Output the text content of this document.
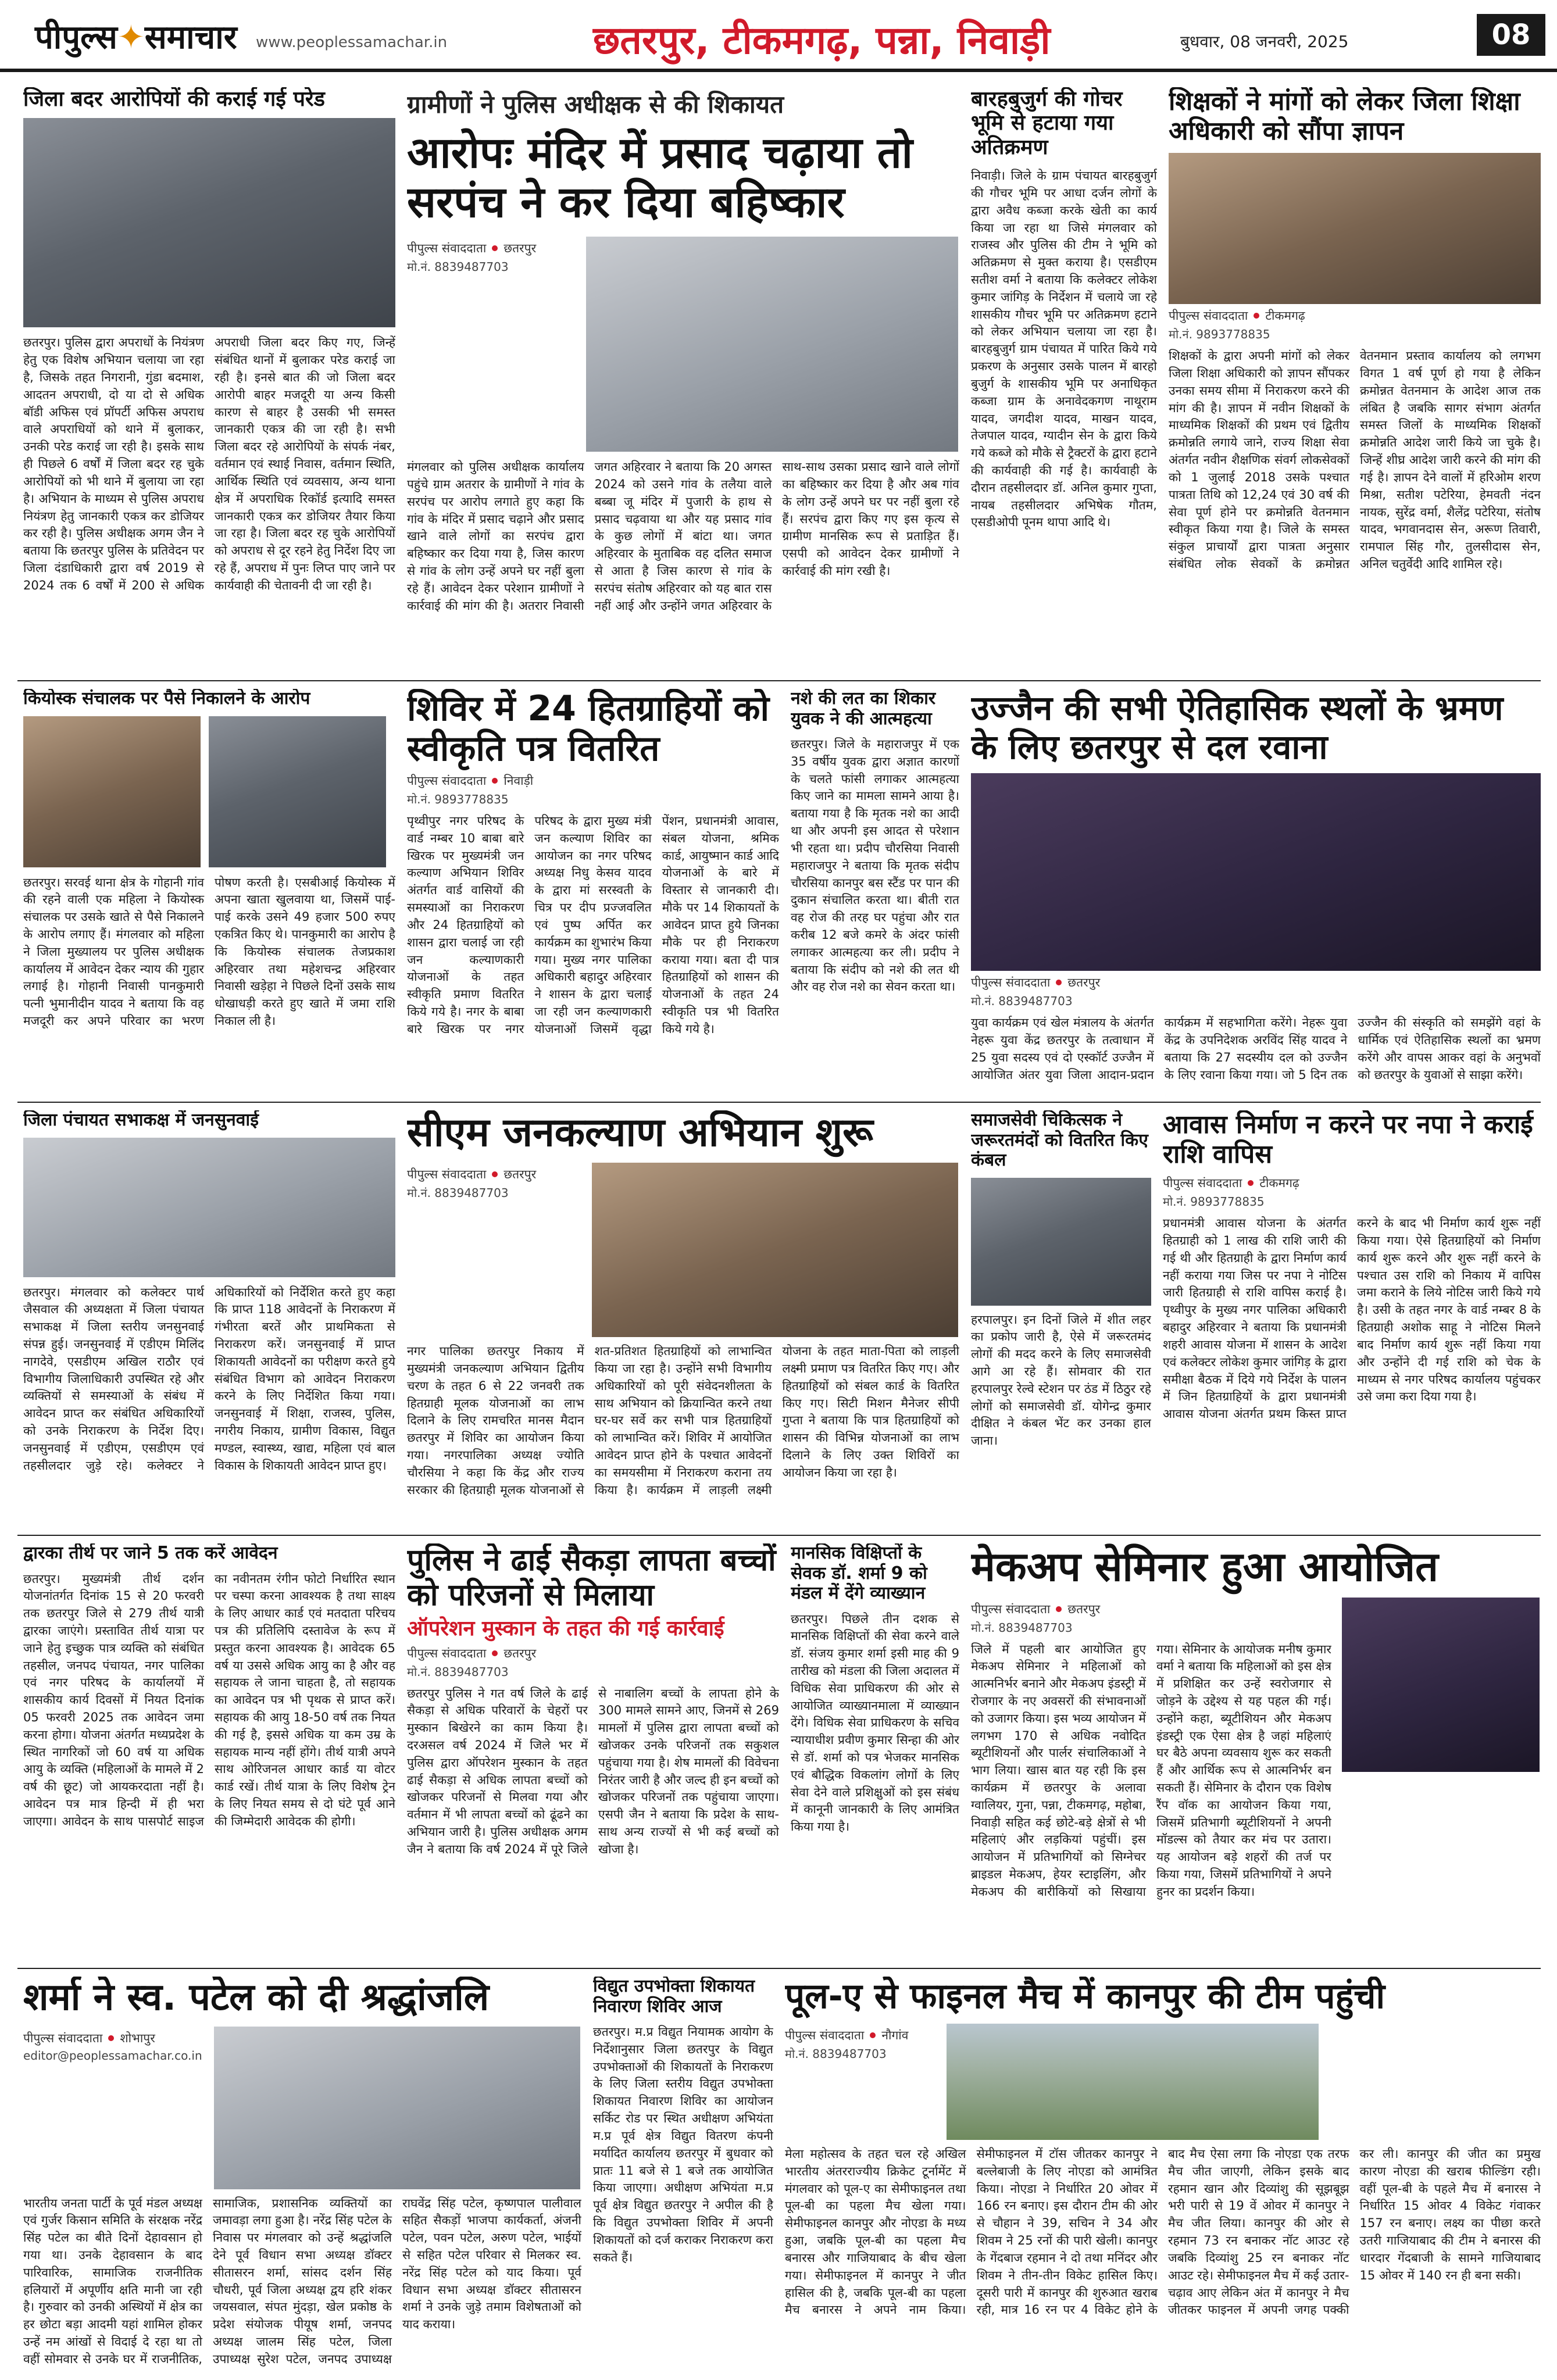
पीपुल्स✦समाचार www.peoplessamachar.in	छतरपुर, टीकमगढ़, पन्ना, निवाड़ी	बुधवार, 08 जनवरी, 2025	08
जिला बदर आरोपियों की कराई गई परेड
छतरपुर। पुलिस द्वारा अपराधों के नियंत्रण हेतु एक विशेष अभियान चलाया जा रहा है, जिसके तहत निगरानी, गुंडा बदमाश, आदतन अपराधी, दो या दो से अधिक बॉडी अफिस एवं प्रॉपर्टी अफिस अपराध वाले अपराधियों को थाने में बुलाकर, उनकी परेड कराई जा रही है। इसके साथ ही पिछले 6 वर्षों में जिला बदर रह चुके आरोपियों को भी थाने में बुलाया जा रहा है। अभियान के माध्यम से पुलिस अपराध नियंत्रण हेतु जानकारी एकत्र कर डोजियर कर रही है। पुलिस अधीक्षक अगम जैन ने बताया कि छतरपुर पुलिस के प्रतिवेदन पर जिला दंडाधिकारी द्वारा वर्ष 2019 से 2024 तक 6 वर्षों में 200 से अधिक अपराधी जिला बदर किए गए, जिन्हें संबंधित थानों में बुलाकर परेड कराई जा रही है। इनसे बात की जो जिला बदर आरोपी बाहर मजदूरी या अन्य किसी कारण से बाहर है उसकी भी समस्त जानकारी एकत्र की जा रही है। सभी जिला बदर रहे आरोपियों के संपर्क नंबर, वर्तमान एवं स्थाई निवास, वर्तमान स्थिति, आर्थिक स्थिति एवं व्यवसाय, अन्य थाना क्षेत्र में अपराधिक रिकॉर्ड इत्यादि समस्त जानकारी एकत्र कर डोजियर तैयार किया जा रहा है। जिला बदर रह चुके आरोपियों को अपराध से दूर रहने हेतु निर्देश दिए जा रहे हैं, अपराध में पुनः लिप्त पाए जाने पर कार्यवाही की चेतावनी दी जा रही है।
ग्रामीणों ने पुलिस अधीक्षक से की शिकायत
आरोपः मंदिर में प्रसाद चढ़ाया तो सरपंच ने कर दिया बहिष्कार
पीपुल्स संवाददाता छतरपुर
मो.नं. 8839487703
मंगलवार को पुलिस अधीक्षक कार्यालय पहुंचे ग्राम अतरार के ग्रामीणों ने गांव के सरपंच पर आरोप लगाते हुए कहा कि गांव के मंदिर में प्रसाद चढ़ाने और प्रसाद खाने वाले लोगों का सरपंच द्वारा बहिष्कार कर दिया गया है, जिस कारण से गांव के लोग उन्हें अपने घर नहीं बुला रहे हैं। आवेदन देकर परेशान ग्रामीणों ने कार्रवाई की मांग की है। अतरार निवासी जगत अहिरवार ने बताया कि 20 अगस्त 2024 को उसने गांव के तलैया वाले बब्बा जू मंदिर में पुजारी के हाथ से प्रसाद चढ़वाया था और यह प्रसाद गांव के कुछ लोगों में बांटा था। जगत अहिरवार के मुताबिक वह दलित समाज से आता है जिस कारण से गांव के सरपंच संतोष अहिरवार को यह बात रास नहीं आई और उन्होंने जगत अहिरवार के साथ-साथ उसका प्रसाद खाने वाले लोगों का बहिष्कार कर दिया है और अब गांव के लोग उन्हें अपने घर पर नहीं बुला रहे हैं। सरपंच द्वारा किए गए इस कृत्य से ग्रामीण मानसिक रूप से प्रताड़ित हैं। एसपी को आवेदन देकर ग्रामीणों ने कार्रवाई की मांग रखी है।
बारहबुजुर्ग की गोचर भूमि से हटाया गया अतिक्रमण
निवाड़ी। जिले के ग्राम पंचायत बारहबुजुर्ग की गौचर भूमि पर आधा दर्जन लोगों के द्वारा अवैध कब्जा करके खेती का कार्य किया जा रहा था जिसे मंगलवार को राजस्व और पुलिस की टीम ने भूमि को अतिक्रमण से मुक्त कराया है। एसडीएम सतीश वर्मा ने बताया कि कलेक्टर लोकेश कुमार जांगिड़ के निर्देशन में चलाये जा रहे शासकीय गौचर भूमि पर अतिक्रमण हटाने को लेकर अभियान चलाया जा रहा है। बारहबुजुर्ग ग्राम पंचायत में पारित किये गये प्रकरण के अनुसार उसके पालन में बारहो बुजुर्ग के शासकीय भूमि पर अनाधिकृत कब्जा ग्राम के अनावेदकगण नाथूराम यादव, जगदीश यादव, माखन यादव, तेजपाल यादव, ग्यादीन सेन के द्वारा किये गये कब्जे को मौके से ट्रैक्टरों के द्वारा हटाने की कार्यवाही की गई है। कार्यवाही के दौरान तहसीलदार डॉ. अनिल कुमार गुप्ता, नायब तहसीलदार अभिषेक गौतम, एसडीओपी पूनम थापा आदि थे।
शिक्षकों ने मांगों को लेकर जिला शिक्षा अधिकारी को सौंपा ज्ञापन
पीपुल्स संवाददाता टीकमगढ़
मो.नं. 9893778835
शिक्षकों के द्वारा अपनी मांगों को लेकर जिला शिक्षा अधिकारी को ज्ञापन सौंपकर उनका समय सीमा में निराकरण करने की मांग की है। ज्ञापन में नवीन शिक्षकों के माध्यमिक शिक्षकों की प्रथम एवं द्वितीय क्रमोन्नति लगाये जाने, राज्य शिक्षा सेवा अंतर्गत नवीन शैक्षणिक संवर्ग लोकसेवकों को 1 जुलाई 2018 उसके पश्चात पात्रता तिथि को 12,24 एवं 30 वर्ष की सेवा पूर्ण होने पर क्रमोन्नति वेतनमान स्वीकृत किया गया है। जिले के समस्त संकुल प्राचार्यों द्वारा पात्रता अनुसार संबंधित लोक सेवकों के क्रमोन्नत वेतनमान प्रस्ताव कार्यालय को लगभग विगत 1 वर्ष पूर्ण हो गया है लेकिन क्रमोन्नत वेतनमान के आदेश आज तक लंबित है जबकि सागर संभाग अंतर्गत समस्त जिलों के माध्यमिक शिक्षकों क्रमोन्नति आदेश जारी किये जा चुके है। जिन्हें शीघ्र आदेश जारी करने की मांग की गई है। ज्ञापन देने वालों में हरिओम शरण मिश्रा, सतीश पटेरिया, हेमवती नंदन नायक, सुरेंद्र वर्मा, शैलेंद्र पटेरिया, संतोष यादव, भगवानदास सेन, अरूण तिवारी, रामपाल सिंह गौर, तुलसीदास सेन, अनिल चतुर्वेदी आदि शामिल रहे।
कियोस्क संचालक पर पैसे निकालने के आरोप
छतरपुर। सरवई थाना क्षेत्र के गोहानी गांव की रहने वाली एक महिला ने कियोस्क संचालक पर उसके खाते से पैसे निकालने के आरोप लगाए हैं। मंगलवार को महिला ने जिला मुख्यालय पर पुलिस अधीक्षक कार्यालय में आवेदन देकर न्याय की गुहार लगाई है। गोहानी निवासी पानकुमारी पत्नी भुमानीदीन यादव ने बताया कि वह मजदूरी कर अपने परिवार का भरण पोषण करती है। एसबीआई कियोस्क में अपना खाता खुलवाया था, जिसमें पाई-पाई करके उसने 49 हजार 500 रुपए एकत्रित किए थे। पानकुमारी का आरोप है कि कियोस्क संचालक तेजप्रकाश अहिरवार तथा महेशचन्द्र अहिरवार निवासी खड़ेहा ने पिछले दिनों उसके साथ धोखाधड़ी करते हुए खाते में जमा राशि निकाल ली है।
शिविर में 24 हितग्राहियों को स्वीकृति पत्र वितरित
पीपुल्स संवाददाता निवाड़ी
मो.नं. 9893778835
पृथ्वीपुर नगर परिषद के वार्ड नम्बर 10 बाबा बारे खिरक पर मुख्यमंत्री जन कल्याण अभियान शिविर अंतर्गत वार्ड वासियों की समस्याओं का निराकरण और 24 हितग्राहियों को शासन द्वारा चलाई जा रही जन कल्याणकारी योजनाओं के तहत स्वीकृति प्रमाण वितरित किये गये है। नगर के बाबा बारे खिरक पर नगर परिषद के द्वारा मुख्य मंत्री जन कल्याण शिविर का आयोजन का नगर परिषद अध्यक्ष निधु केसव यादव के द्वारा मां सरस्वती के चित्र पर दीप प्रज्जवलित एवं पुष्प अर्पित कर कार्यक्रम का शुभारंभ किया गया। मुख्य नगर पालिका अधिकारी बहादुर अहिरवार ने शासन के द्वारा चलाई जा रही जन कल्याणकारी योजनाओं जिसमें वृद्धा पेंशन, प्रधानमंत्री आवास, संबल योजना, श्रमिक कार्ड, आयुष्मान कार्ड आदि योजनाओं के बारे में विस्तार से जानकारी दी। मौके पर 14 शिकायतों के आवेदन प्राप्त हुये जिनका मौके पर ही निराकरण कराया गया। बता दी पात्र हितग्राहियों को शासन की योजनाओं के तहत 24 स्वीकृति पत्र भी वितरित किये गये है।
नशे की लत का शिकार युवक ने की आत्महत्या
छतरपुर। जिले के महाराजपुर में एक 35 वर्षीय युवक द्वारा अज्ञात कारणों के चलते फांसी लगाकर आत्महत्या किए जाने का मामला सामने आया है। बताया गया है कि मृतक नशे का आदी था और अपनी इस आदत से परेशान भी रहता था। प्रदीप चौरसिया निवासी महाराजपुर ने बताया कि मृतक संदीप चौरसिया कानपुर बस स्टैंड पर पान की दुकान संचालित करता था। बीती रात वह रोज की तरह घर पहुंचा और रात करीब 12 बजे कमरे के अंदर फांसी लगाकर आत्महत्या कर ली। प्रदीप ने बताया कि संदीप को नशे की लत थी और वह रोज नशे का सेवन करता था।
उज्जैन की सभी ऐतिहासिक स्थलों के भ्रमण के लिए छतरपुर से दल रवाना
पीपुल्स संवाददाता छतरपुर
मो.नं. 8839487703
युवा कार्यक्रम एवं खेल मंत्रालय के अंतर्गत नेहरू युवा केंद्र छतरपुर के तत्वाधान में 25 युवा सदस्य एवं दो एस्कॉर्ट उज्जैन में आयोजित अंतर युवा जिला आदान-प्रदान कार्यक्रम में सहभागिता करेंगे। नेहरू युवा केंद्र के उपनिदेशक अरविंद सिंह यादव ने बताया कि 27 सदस्यीय दल को उज्जैन के लिए रवाना किया गया। जो 5 दिन तक उज्जैन की संस्कृति को समझेंगे वहां के धार्मिक एवं ऐतिहासिक स्थलों का भ्रमण करेंगे और वापस आकर वहां के अनुभवों को छतरपुर के युवाओं से साझा करेंगे।
जिला पंचायत सभाकक्ष में जनसुनवाई
छतरपुर। मंगलवार को कलेक्टर पार्थ जैसवाल की अध्यक्षता में जिला पंचायत सभाकक्ष में जिला स्तरीय जनसुनवाई संपन्न हुई। जनसुनवाई में एडीएम मिलिंद नागदेवे, एसडीएम अखिल राठौर एवं विभागीय जिलाधिकारी उपस्थित रहे और व्यक्तियों से समस्याओं के संबंध में आवेदन प्राप्त कर संबंधित अधिकारियों को उनके निराकरण के निर्देश दिए। जनसुनवाई में एडीएम, एसडीएम एवं तहसीलदार जुड़े रहे। कलेक्टर ने अधिकारियों को निर्देशित करते हुए कहा कि प्राप्त 118 आवेदनों के निराकरण में गंभीरता बरतें और प्राथमिकता से निराकरण करें। जनसुनवाई में प्राप्त शिकायती आवेदनों का परीक्षण करते हुये संबंधित विभाग को आवेदन निराकरण करने के लिए निर्देशित किया गया। जनसुनवाई में शिक्षा, राजस्व, पुलिस, नगरीय निकाय, ग्रामीण विकास, विद्युत मण्डल, स्वास्थ्य, खाद्य, महिला एवं बाल विकास के शिकायती आवेदन प्राप्त हुए।
सीएम जनकल्याण अभियान शुरू
पीपुल्स संवाददाता छतरपुर
मो.नं. 8839487703
नगर पालिका छतरपुर निकाय में मुख्यमंत्री जनकल्याण अभियान द्वितीय चरण के तहत 6 से 22 जनवरी तक हितग्राही मूलक योजनाओं का लाभ दिलाने के लिए रामचरित मानस मैदान छतरपुर में शिविर का आयोजन किया गया। नगरपालिका अध्यक्ष ज्योति चौरसिया ने कहा कि केंद्र और राज्य सरकार की हितग्राही मूलक योजनाओं से शत-प्रतिशत हितग्राहियों को लाभान्वित किया जा रहा है। उन्होंने सभी विभागीय अधिकारियों को पूरी संवेदनशीलता के साथ अभियान को क्रियान्वित करने तथा घर-घर सर्वे कर सभी पात्र हितग्राहियों को लाभान्वित करें। शिविर में आयोजित आवेदन प्राप्त होने के पश्चात आवेदनों का समयसीमा में निराकरण कराना तय किया है। कार्यक्रम में लाड़ली लक्ष्मी योजना के तहत माता-पिता को लाड़ली लक्ष्मी प्रमाण पत्र वितरित किए गए। और हितग्राहियों को संबल कार्ड के वितरित किए गए। सिटी मिशन मैनेजर सीपी गुप्ता ने बताया कि पात्र हितग्राहियों को शासन की विभिन्न योजनाओं का लाभ दिलाने के लिए उक्त शिविरों का आयोजन किया जा रहा है।
समाजसेवी चिकित्सक ने जरूरतमंदों को वितरित किए कंबल
हरपालपुर। इन दिनों जिले में शीत लहर का प्रकोप जारी है, ऐसे में जरूरतमंद लोगों की मदद करने के लिए समाजसेवी आगे आ रहे हैं। सोमवार की रात हरपालपुर रेल्वे स्टेशन पर ठंड में ठिठुर रहे लोगों को समाजसेवी डॉ. योगेन्द्र कुमार दीक्षित ने कंबल भेंट कर उनका हाल जाना।
आवास निर्माण न करने पर नपा ने कराई राशि वापिस
पीपुल्स संवाददाता टीकमगढ़
मो.नं. 9893778835
प्रधानमंत्री आवास योजना के अंतर्गत हितग्राही को 1 लाख की राशि जारी की गई थी और हितग्राही के द्वारा निर्माण कार्य नहीं कराया गया जिस पर नपा ने नोटिस जारी हितग्राही से राशि वापिस कराई है। पृथ्वीपुर के मुख्य नगर पालिका अधिकारी बहादुर अहिरवार ने बताया कि प्रधानमंत्री शहरी आवास योजना में शासन के आदेश एवं कलेक्टर लोकेश कुमार जांगिड़ के द्वारा समीक्षा बैठक में दिये गये निर्देश के पालन में जिन हितग्राहियों के द्वारा प्रधानमंत्री आवास योजना अंतर्गत प्रथम किस्त प्राप्त करने के बाद भी निर्माण कार्य शुरू नहीं किया गया। ऐसे हितग्राहियों को निर्माण कार्य शुरू करने और शुरू नहीं करने के पश्चात उस राशि को निकाय में वापिस जमा कराने के लिये नोटिस जारी किये गये है। उसी के तहत नगर के वार्ड नम्बर 8 के हितग्राही अशोक साहू ने नोटिस मिलने बाद निर्माण कार्य शुरू नहीं किया गया और उन्होंने दी गई राशि को चेक के माध्यम से नगर परिषद कार्यालय पहुंचकर उसे जमा करा दिया गया है।
द्वारका तीर्थ पर जाने 5 तक करें आवेदन
छतरपुर। मुख्यमंत्री तीर्थ दर्शन योजनांतर्गत दिनांक 15 से 20 फरवरी तक छतरपुर जिले से 279 तीर्थ यात्री द्वारका जाएंगे। प्रस्तावित तीर्थ यात्रा पर जाने हेतु इच्छुक पात्र व्यक्ति को संबंधित तहसील, जनपद पंचायत, नगर पालिका एवं नगर परिषद के कार्यालयों में शासकीय कार्य दिवसों में नियत दिनांक 05 फरवरी 2025 तक आवेदन जमा करना होगा। योजना अंतर्गत मध्यप्रदेश के स्थित नागरिकों जो 60 वर्ष या अधिक आयु के व्यक्ति (महिलाओं के मामले में 2 वर्ष की छूट) जो आयकरदाता नहीं है। आवेदन पत्र मात्र हिन्दी में ही भरा जाएगा। आवेदन के साथ पासपोर्ट साइज का नवीनतम रंगीन फोटो निर्धारित स्थान पर चस्पा करना आवश्यक है तथा साक्ष्य के लिए आधार कार्ड एवं मतदाता परिचय पत्र की प्रतिलिपि दस्तावेज के रूप में प्रस्तुत करना आवश्यक है। आवेदक 65 वर्ष या उससे अधिक आयु का है और वह सहायक ले जाना चाहता है, तो सहायक का आवेदन पत्र भी पृथक से प्राप्त करें। सहायक की आयु 18-50 वर्ष तक नियत की गई है, इससे अधिक या कम उम्र के सहायक मान्य नहीं होंगे। तीर्थ यात्री अपने साथ ओरिजनल आधार कार्ड या वोटर कार्ड रखें। तीर्थ यात्रा के लिए विशेष ट्रेन के लिए नियत समय से दो घंटे पूर्व आने की जिम्मेदारी आवेदक की होगी।
पुलिस ने ढाई सैकड़ा लापता बच्चों को परिजनों से मिलाया
ऑपरेशन मुस्कान के तहत की गई कार्रवाई
पीपुल्स संवाददाता छतरपुर
मो.नं. 8839487703
छतरपुर पुलिस ने गत वर्ष जिले के ढाई सैकड़ा से अधिक परिवारों के चेहरों पर मुस्कान बिखेरने का काम किया है। दरअसल वर्ष 2024 में जिले भर में पुलिस द्वारा ऑपरेशन मुस्कान के तहत ढाई सैकड़ा से अधिक लापता बच्चों को खोजकर परिजनों से मिलवा गया और वर्तमान में भी लापता बच्चों को ढूंढने का अभियान जारी है। पुलिस अधीक्षक अगम जैन ने बताया कि वर्ष 2024 में पूरे जिले से नाबालिग बच्चों के लापता होने के 300 मामले सामने आए, जिनमें से 269 मामलों में पुलिस द्वारा लापता बच्चों को खोजकर उनके परिजनों तक सकुशल पहुंचाया गया है। शेष मामलों की विवेचना निरंतर जारी है और जल्द ही इन बच्चों को खोजकर परिजनों तक पहुंचाया जाएगा। एसपी जैन ने बताया कि प्रदेश के साथ-साथ अन्य राज्यों से भी कई बच्चों को खोजा है।
मानसिक विक्षिप्तों के सेवक डॉ. शर्मा 9 को मंडल में देंगे व्याख्यान
छतरपुर। पिछले तीन दशक से मानसिक विक्षिप्तों की सेवा करने वाले डॉ. संजय कुमार शर्मा इसी माह की 9 तारीख को मंडला की जिला अदालत में विधिक सेवा प्राधिकरण की ओर से आयोजित व्याख्यानमाला में व्याख्यान देंगे। विधिक सेवा प्राधिकरण के सचिव न्यायाधीश प्रवीण कुमार सिन्हा की ओर से डॉ. शर्मा को पत्र भेजकर मानसिक एवं बौद्धिक विकलांग लोगों के लिए सेवा देने वाले प्रशिक्षुओं को इस संबंध में कानूनी जानकारी के लिए आमंत्रित किया गया है।
मेकअप सेमिनार हुआ आयोजित
पीपुल्स संवाददाता छतरपुर
मो.नं. 8839487703
जिले में पहली बार आयोजित हुए मेकअप सेमिनार ने महिलाओं को आत्मनिर्भर बनाने और मेकअप इंडस्ट्री में रोजगार के नए अवसरों की संभावनाओं को उजागर किया। इस भव्य आयोजन में लगभग 170 से अधिक नवोदित ब्यूटीशियनों और पार्लर संचालिकाओं ने भाग लिया। खास बात यह रही कि इस कार्यक्रम में छतरपुर के अलावा ग्वालियर, गुना, पन्ना, टीकमगढ़, महोबा, निवाड़ी सहित कई छोटे-बड़े क्षेत्रों से भी महिलाएं और लड़कियां पहुंचीं। इस आयोजन में प्रतिभागियों को सिग्नेचर ब्राइडल मेकअप, हेयर स्टाइलिंग, और मेकअप की बारीकियों को सिखाया गया। सेमिनार के आयोजक मनीष कुमार वर्मा ने बताया कि महिलाओं को इस क्षेत्र में प्रशिक्षित कर उन्हें स्वरोजगार से जोड़ने के उद्देश्य से यह पहल की गई। उन्होंने कहा, ब्यूटीशियन और मेकअप इंडस्ट्री एक ऐसा क्षेत्र है जहां महिलाएं घर बैठे अपना व्यवसाय शुरू कर सकती हैं और आर्थिक रूप से आत्मनिर्भर बन सकती हैं। सेमिनार के दौरान एक विशेष रैंप वॉक का आयोजन किया गया, जिसमें प्रतिभागी ब्यूटीशियनों ने अपनी मॉडल्स को तैयार कर मंच पर उतारा। यह आयोजन बड़े शहरों की तर्ज पर किया गया, जिसमें प्रतिभागियों ने अपने हुनर का प्रदर्शन किया।
शर्मा ने स्व. पटेल को दी श्रद्धांजलि
पीपुल्स संवाददाता शोभापुर
editor@peoplessamachar.co.in
भारतीय जनता पार्टी के पूर्व मंडल अध्यक्ष एवं गुर्जर किसान समिति के संरक्षक नरेंद्र सिंह पटेल का बीते दिनों देहावसान हो गया था। उनके देहावसान के बाद पारिवारिक, सामाजिक राजनीतिक हलियारों में अपूर्णीय क्षति मानी जा रही है। गुरुवार को उनकी अस्थियों में क्षेत्र का हर छोटा बड़ा आदमी यहां शामिल होकर उन्हें नम आंखों से विदाई दे रहा था तो वहीं सोमवार से उनके घर में राजनीतिक, सामाजिक, प्रशासनिक व्यक्तियों का जमावड़ा लगा हुआ है। नरेंद्र सिंह पटेल के निवास पर मंगलवार को उन्हें श्रद्धांजलि देने पूर्व विधान सभा अध्यक्ष डॉक्टर सीतासरन शर्मा, सांसद दर्शन सिंह चौधरी, पूर्व जिला अध्यक्ष द्वय हरि शंकर जयसवाल, संपत मुंदड़ा, खेल प्रकोष्ठ के प्रदेश संयोजक पीयूष शर्मा, जनपद अध्यक्ष जालम सिंह पटेल, जिला उपाध्यक्ष सुरेश पटेल, जनपद उपाध्यक्ष राघवेंद्र सिंह पटेल, कृष्णपाल पालीवाल सहित सैकड़ों भाजपा कार्यकर्ता, अंजनी पटेल, पवन पटेल, अरुण पटेल, भाईयों से सहित पटेल परिवार से मिलकर स्व. नरेंद्र सिंह पटेल को याद किया। पूर्व विधान सभा अध्यक्ष डॉक्टर सीतासरन शर्मा ने उनके जुड़े तमाम विशेषताओं को याद कराया।
विद्युत उपभोक्ता शिकायत निवारण शिविर आज
छतरपुर। म.प्र विद्युत नियामक आयोग के निर्देशानुसार जिला छतरपुर के विद्युत उपभोक्ताओं की शिकायतों के निराकरण के लिए जिला स्तरीय विद्युत उपभोक्ता शिकायत निवारण शिविर का आयोजन सर्किट रोड पर स्थित अधीक्षण अभियंता म.प्र पूर्व क्षेत्र विद्युत वितरण कंपनी मर्यादित कार्यालय छतरपुर में बुधवार को प्रातः 11 बजे से 1 बजे तक आयोजित किया जाएगा। अधीक्षण अभियंता म.प्र पूर्व क्षेत्र विद्युत छतरपुर ने अपील की है कि विद्युत उपभोक्ता शिविर में अपनी शिकायतों को दर्ज कराकर निराकरण करा सकते हैं।
पूल-ए से फाइनल मैच में कानपुर की टीम पहुंची
पीपुल्स संवाददाता नौगांव
मो.नं. 8839487703
मेला महोत्सव के तहत चल रहे अखिल भारतीय अंतरराज्यीय क्रिकेट टूर्नामेंट में मंगलवार को पूल-ए का सेमीफाइनल तथा पूल-बी का पहला मैच खेला गया। सेमीफाइनल कानपुर और नोएडा के मध्य हुआ, जबकि पूल-बी का पहला मैच बनारस और गाजियाबाद के बीच खेला गया। सेमीफाइनल में कानपुर ने जीत हासिल की है, जबकि पूल-बी का पहला मैच बनारस ने अपने नाम किया। सेमीफाइनल में टॉस जीतकर कानपुर ने बल्लेबाजी के लिए नोएडा को आमंत्रित किया। नोएडा ने निर्धारित 20 ओवर में 166 रन बनाए। इस दौरान टीम की ओर से चौहान ने 39, सचिन ने 34 और शिवम ने 25 रनों की पारी खेली। कानपुर के गेंदबाज रहमान ने दो तथा मनिंदर और शिवम ने तीन-तीन विकेट हासिल किए। दूसरी पारी में कानपुर की शुरुआत खराब रही, मात्र 16 रन पर 4 विकेट होने के बाद मैच ऐसा लगा कि नोएडा एक तरफ मैच जीत जाएगी, लेकिन इसके बाद रहमान खान और दिव्यांशु की सूझबूझ भरी पारी से 19 वें ओवर में कानपुर ने मैच जीत लिया। कानपुर की ओर से रहमान 73 रन बनाकर नॉट आउट रहे जबकि दिव्यांशु 25 रन बनाकर नॉट आउट रहे। सेमीफाइनल मैच में कई उतार-चढ़ाव आए लेकिन अंत में कानपुर ने मैच जीतकर फाइनल में अपनी जगह पक्की कर ली। कानपुर की जीत का प्रमुख कारण नोएडा की खराब फील्डिंग रही। वहीं पूल-बी के पहले मैच में बनारस ने निर्धारित 15 ओवर 4 विकेट गंवाकर 157 रन बनाए। लक्ष्य का पीछा करते उतरी गाजियाबाद की टीम ने बनारस की धारदार गेंदबाजी के सामने गाजियाबाद 15 ओवर में 140 रन ही बना सकी।
